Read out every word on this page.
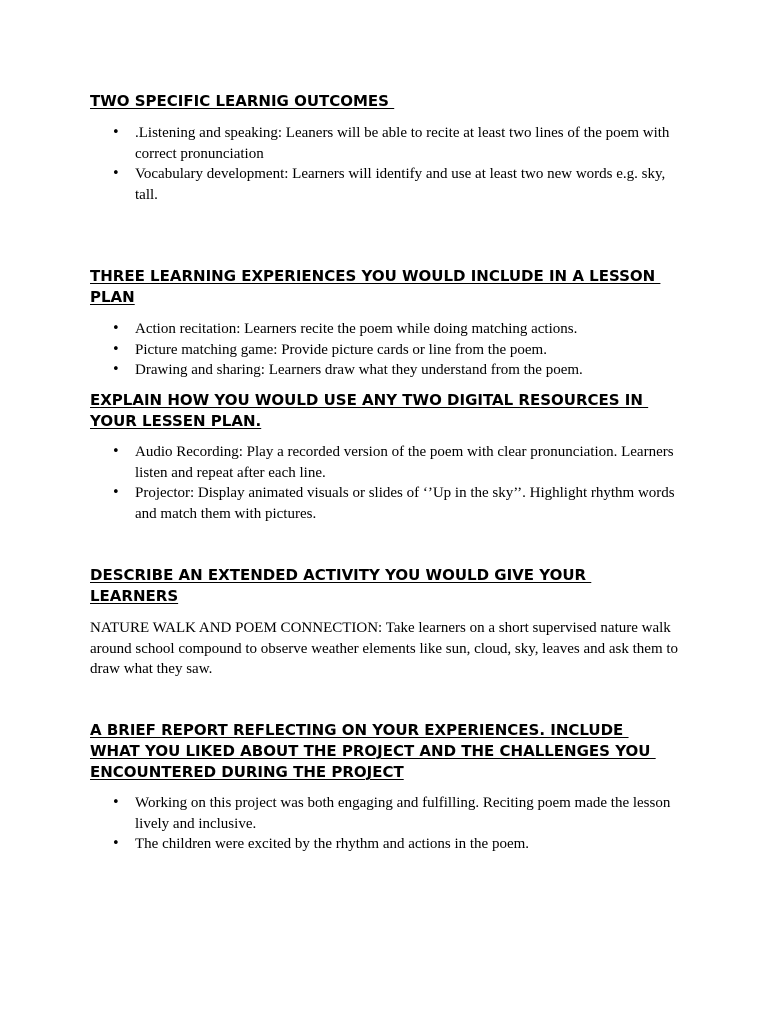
TWO SPECIFIC LEARNIG OUTCOMES
• .Listening and speaking: Leaners will be able to recite at least two lines of the poem with correct pronunciation
• Vocabulary development: Learners will identify and use at least two new words e.g. sky, tall.
THREE LEARNING EXPERIENCES YOU WOULD INCLUDE IN A LESSON
PLAN
• Action recitation: Learners recite the poem while doing matching actions.
• Picture matching game: Provide picture cards or line from the poem.
• Drawing and sharing: Learners draw what they understand from the poem.
EXPLAIN HOW YOU WOULD USE ANY TWO DIGITAL RESOURCES IN
YOUR LESSEN PLAN.
• Audio Recording: Play a recorded version of the poem with clear pronunciation. Learners listen and repeat after each line.
• Projector: Display animated visuals or slides of ‘’Up in the sky’’. Highlight rhythm words and match them with pictures.
DESCRIBE AN EXTENDED ACTIVITY YOU WOULD GIVE YOUR
LEARNERS

NATURE WALK AND POEM CONNECTION: Take learners on a short supervised nature walk around school compound to observe weather elements like sun, cloud, sky, leaves and ask them to draw what they saw.

A BRIEF REPORT REFLECTING ON YOUR EXPERIENCES. INCLUDE
WHAT YOU LIKED ABOUT THE PROJECT AND THE CHALLENGES YOU
ENCOUNTERED DURING THE PROJECT
• Working on this project was both engaging and fulfilling. Reciting poem made the lesson lively and inclusive.
• The children were excited by the rhythm and actions in the poem.
